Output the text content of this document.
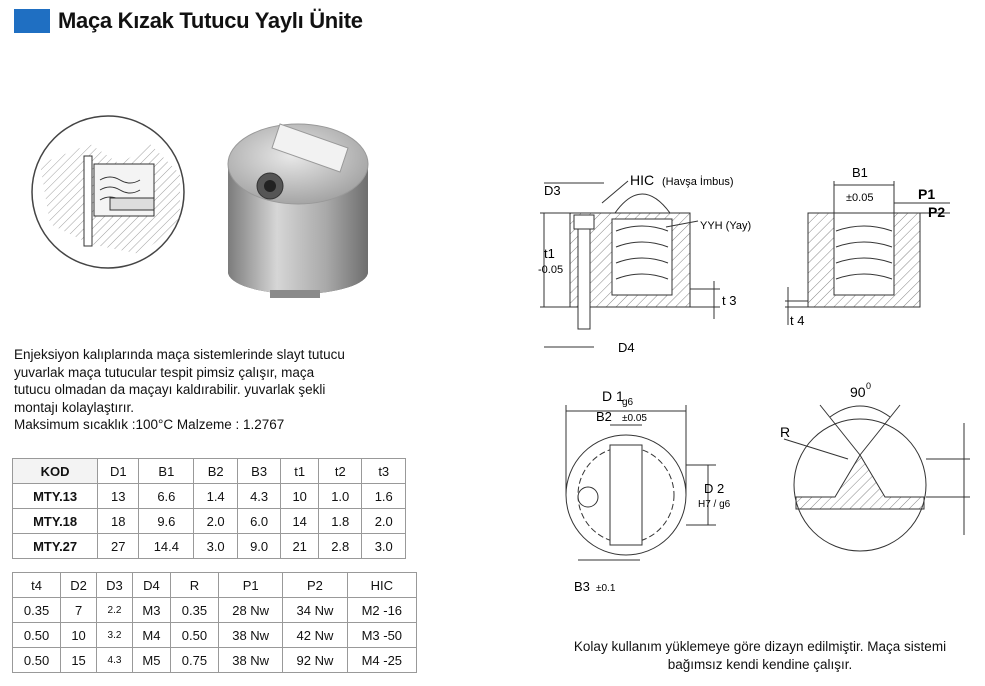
Maça Kızak Tutucu Yaylı Ünite
Enjeksiyon kalıplarında maça sistemlerinde slayt tutucu
yuvarlak maça tutucular tespit pimsiz çalışır, maça
tutucu olmadan da maçayı kaldırabilir. yuvarlak şekli
montajı kolaylaştırır.
Maksimum sıcaklık :100°C Malzeme : 1.2767
KOD	D1	B1	B2	B3	t1	t2	t3
MTY.13	13	6.6	1.4	4.3	10	1.0	1.6
MTY.18	18	9.6	2.0	6.0	14	1.8	2.0
MTY.27	27	14.4	3.0	9.0	21	2.8	3.0
t4	D2	D3	D4	R	P1	P2	HIC
0.35	7	2.2	M3	0.35	28 Nw	34 Nw	M2 -16
0.50	10	3.2	M4	0.50	38 Nw	42 Nw	M3 -50
0.50	15	4.3	M5	0.75	38 Nw	92 Nw	M4 -25
D3
HIC (Havşa İmbus)
YYH (Yay)
t1
-0.05
t 3
D4
B1
±0.05	P1
P2
t 4
D 1
g6
B2 ±0.05
D 2
H7 / g6
B3 ±0.1
90 0
R
Kolay kullanım yüklemeye göre dizayn edilmiştir. Maça sistemi
bağımsız kendi kendine çalışır.
